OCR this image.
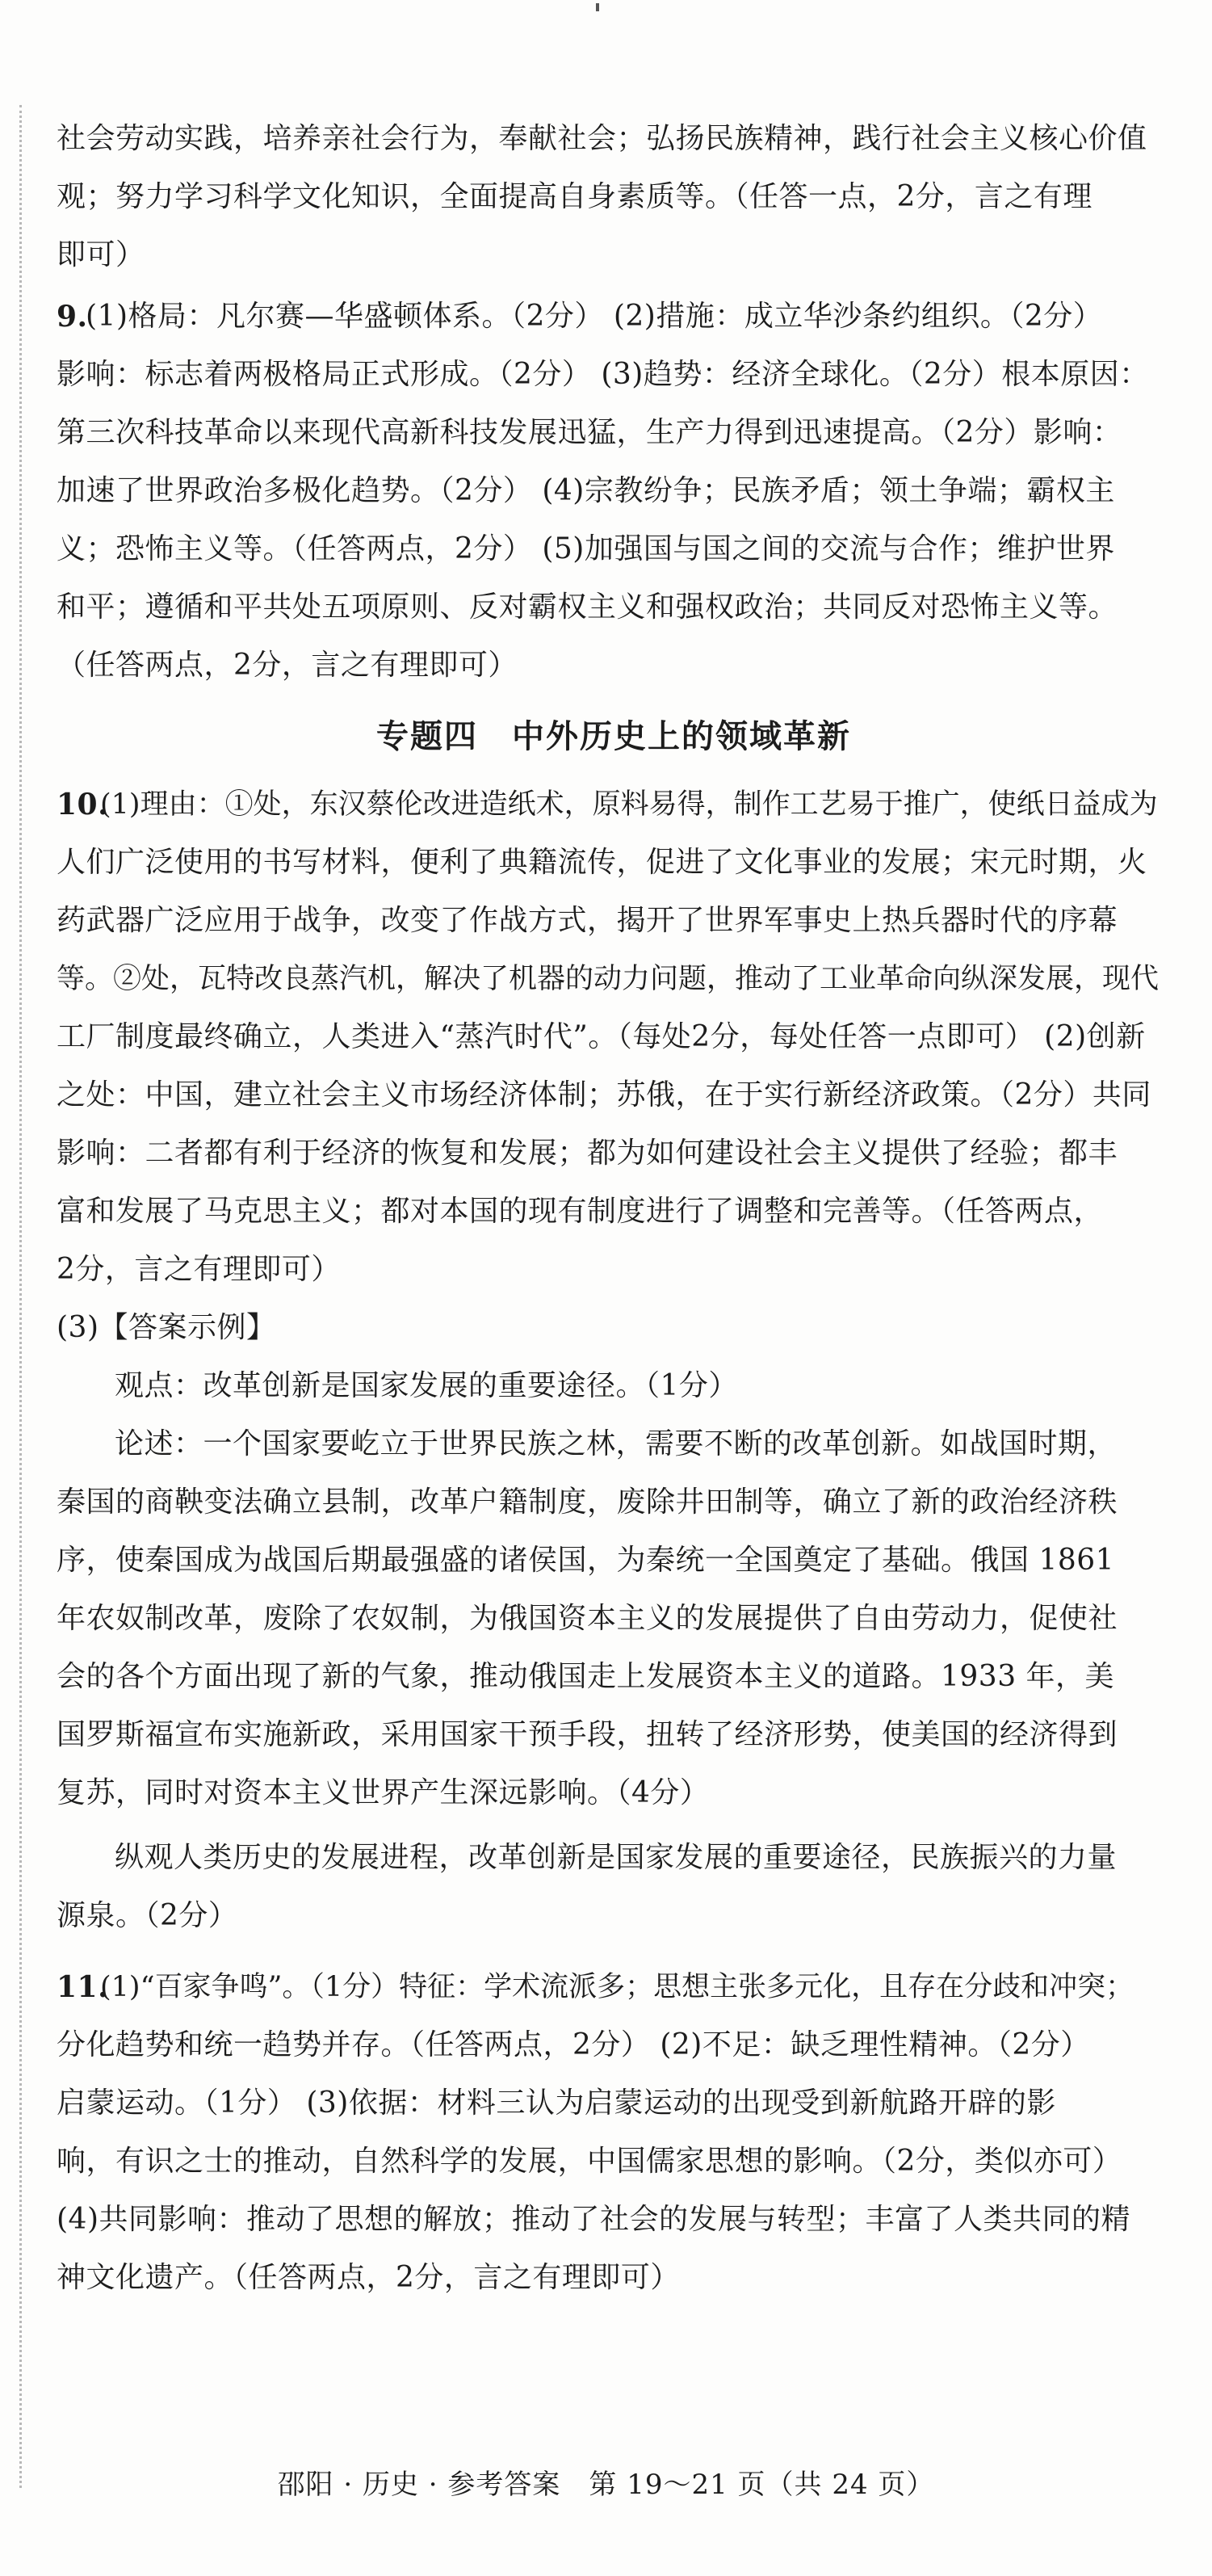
社会劳动实践，培养亲社会行为，奉献社会；弘扬民族精神，践行社会主义核心价值
观；努力学习科学文化知识，全面提高自身素质等。（任答一点，2分，言之有理
即可）
9.
(1)格局：凡尔赛—华盛顿体系。（2分） (2)措施：成立华沙条约组织。（2分）
影响：标志着两极格局正式形成。（2分） (3)趋势：经济全球化。（2分）根本原因：
第三次科技革命以来现代高新科技发展迅猛，生产力得到迅速提高。（2分）影响：
加速了世界政治多极化趋势。（2分） (4)宗教纷争；民族矛盾；领土争端；霸权主
义；恐怖主义等。（任答两点，2分） (5)加强国与国之间的交流与合作；维护世界
和平；遵循和平共处五项原则、反对霸权主义和强权政治；共同反对恐怖主义等。
（任答两点，2分，言之有理即可）
专题四　中外历史上的领域革新
10.
(1)理由：①处，东汉蔡伦改进造纸术，原料易得，制作工艺易于推广，使纸日益成为
人们广泛使用的书写材料，便利了典籍流传，促进了文化事业的发展；宋元时期，火
药武器广泛应用于战争，改变了作战方式，揭开了世界军事史上热兵器时代的序幕
等。②处，瓦特改良蒸汽机，解决了机器的动力问题，推动了工业革命向纵深发展，现代
工厂制度最终确立，人类进入“蒸汽时代”。（每处2分，每处任答一点即可） (2)创新
之处：中国，建立社会主义市场经济体制；苏俄，在于实行新经济政策。（2分）共同
影响：二者都有利于经济的恢复和发展；都为如何建设社会主义提供了经验；都丰
富和发展了马克思主义；都对本国的现有制度进行了调整和完善等。（任答两点，
2分，言之有理即可）
(3)【答案示例】
观点：改革创新是国家发展的重要途径。（1分）
论述：一个国家要屹立于世界民族之林，需要不断的改革创新。如战国时期，
秦国的商鞅变法确立县制，改革户籍制度，废除井田制等，确立了新的政治经济秩
序，使秦国成为战国后期最强盛的诸侯国，为秦统一全国奠定了基础。俄国 1861
年农奴制改革，废除了农奴制，为俄国资本主义的发展提供了自由劳动力，促使社
会的各个方面出现了新的气象，推动俄国走上发展资本主义的道路。1933 年，美
国罗斯福宣布实施新政，采用国家干预手段，扭转了经济形势，使美国的经济得到
复苏，同时对资本主义世界产生深远影响。（4分）
纵观人类历史的发展进程，改革创新是国家发展的重要途径，民族振兴的力量
源泉。（2分）
11.
(1)“百家争鸣”。（1分）特征：学术流派多；思想主张多元化，且存在分歧和冲突；
分化趋势和统一趋势并存。（任答两点，2分） (2)不足：缺乏理性精神。（2分）
启蒙运动。（1分） (3)依据：材料三认为启蒙运动的出现受到新航路开辟的影
响，有识之士的推动，自然科学的发展，中国儒家思想的影响。（2分，类似亦可）
(4)共同影响：推动了思想的解放；推动了社会的发展与转型；丰富了人类共同的精
神文化遗产。（任答两点，2分，言之有理即可）
邵阳 · 历史 · 参考答案　第 19～21 页（共 24 页）
